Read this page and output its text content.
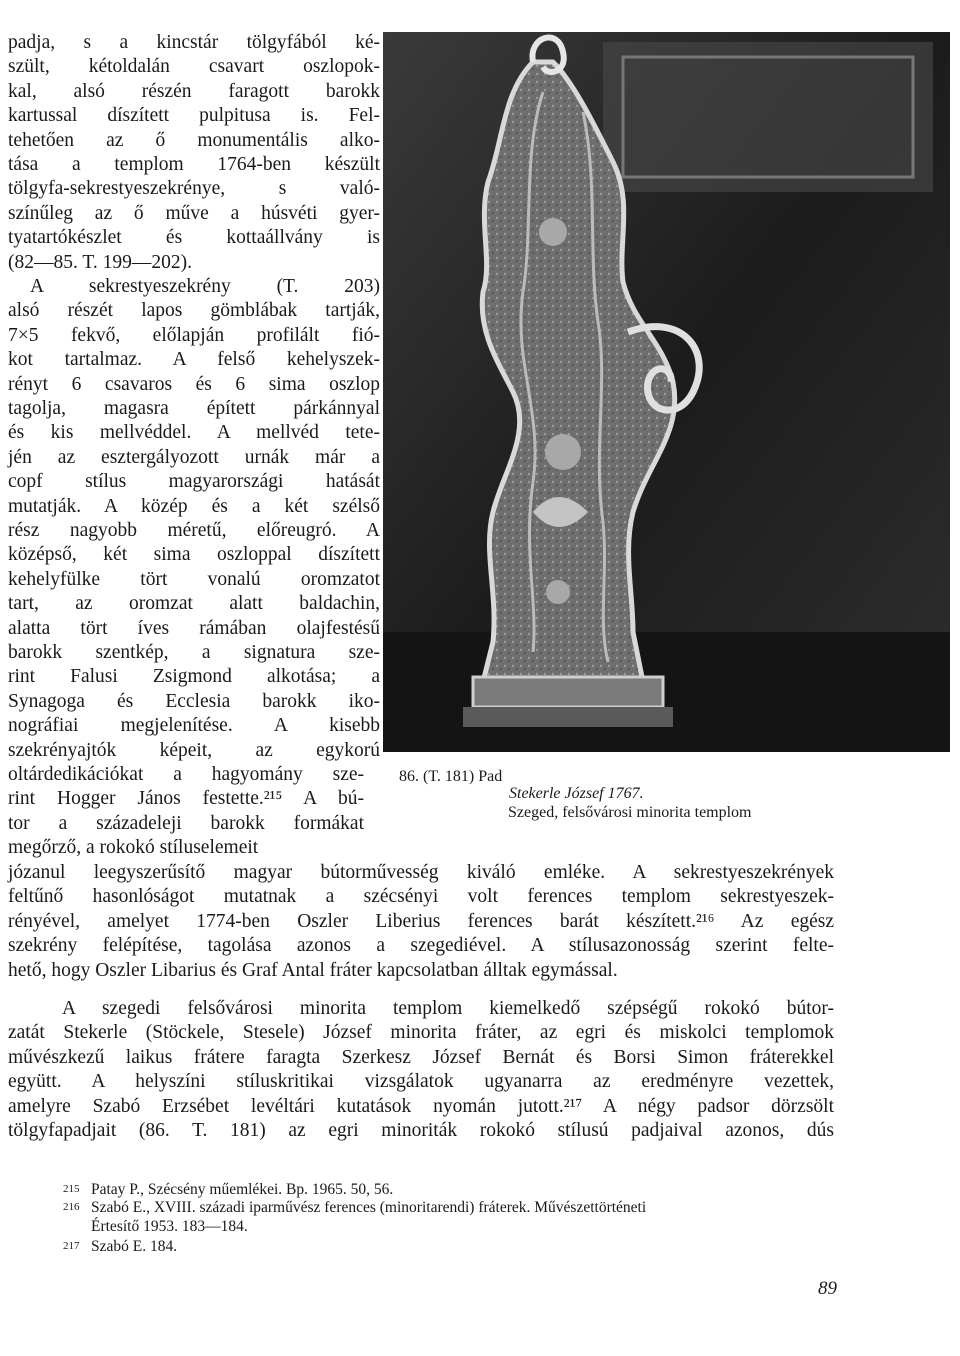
padja, s a kincstár tölgyfából ké-
szült, kétoldalán csavart oszlopok-
kal, alsó részén faragott barokk
kartussal díszített pulpitusa is. Fel-
tehetően az ő monumentális alko-
tása a templom 1764-ben készült
tölgyfa-sekrestyeszekrénye, s való-
színűleg az ő műve a húsvéti gyer-
tyatartókészlet és kottaállvány is
(82—85. T. 199—202).
A sekrestyeszekrény (T. 203)
alsó részét lapos gömblábak tartják,
7×5 fekvő, előlapján profilált fió-
kot tartalmaz. A felső kehelyszek-
rényt 6 csavaros és 6 sima oszlop
tagolja, magasra épített párkánnyal
és kis mellvéddel. A mellvéd tete-
jén az esztergályozott urnák már a
copf stílus magyarországi hatását
mutatják. A közép és a két szélső
rész nagyobb méretű, előreugró. A
középső, két sima oszloppal díszített
kehelyfülke tört vonalú oromzatot
tart, az oromzat alatt baldachin,
alatta tört íves rámában olajfestésű
barokk szentkép, a signatura sze-
rint Falusi Zsigmond alkotása; a
Synagoga és Ecclesia barokk iko-
nográfiai megjelenítése. A kisebb
szekrényajtók képeit, az egykorú
oltárdedikációkat a hagyomány sze-
rint Hogger János festette.²¹⁵ A bú-
tor a századeleji barokk formákat
megőrző, a rokokó stíluselemeit
86. (T. 181) Pad
Stekerle József 1767.
Szeged, felsővárosi minorita templom
józanul leegyszerűsítő magyar bútorművesség kiváló emléke. A sekrestyeszekrények
feltűnő hasonlóságot mutatnak a szécsényi volt ferences templom sekrestyeszek-
rényével, amelyet 1774-ben Oszler Liberius ferences barát készített.²¹⁶ Az egész
szekrény felépítése, tagolása azonos a szegediével. A stílusazonosság szerint felte-
hető, hogy Oszler Libarius és Graf Antal fráter kapcsolatban álltak egymással.
A szegedi felsővárosi minorita templom kiemelkedő szépségű rokokó bútor-
zatát Stekerle (Stöckele, Stesele) József minorita fráter, az egri és miskolci templomok
művészkezű laikus frátere faragta Szerkesz József Bernát és Borsi Simon fráterekkel
együtt. A helyszíni stíluskritikai vizsgálatok ugyanarra az eredményre vezettek,
amelyre Szabó Erzsébet levéltári kutatások nyomán jutott.²¹⁷ A négy padsor dörzsölt
tölgyfapadjait (86. T. 181) az egri minoriták rokokó stílusú padjaival azonos, dús
215 Patay P., Szécsény műemlékei. Bp. 1965. 50, 56.
216 Szabó E., XVIII. századi iparművész ferences (minoritarendi) fráterek. Művészettörténeti
Értesítő 1953. 183—184.
217 Szabó E. 184.
89
